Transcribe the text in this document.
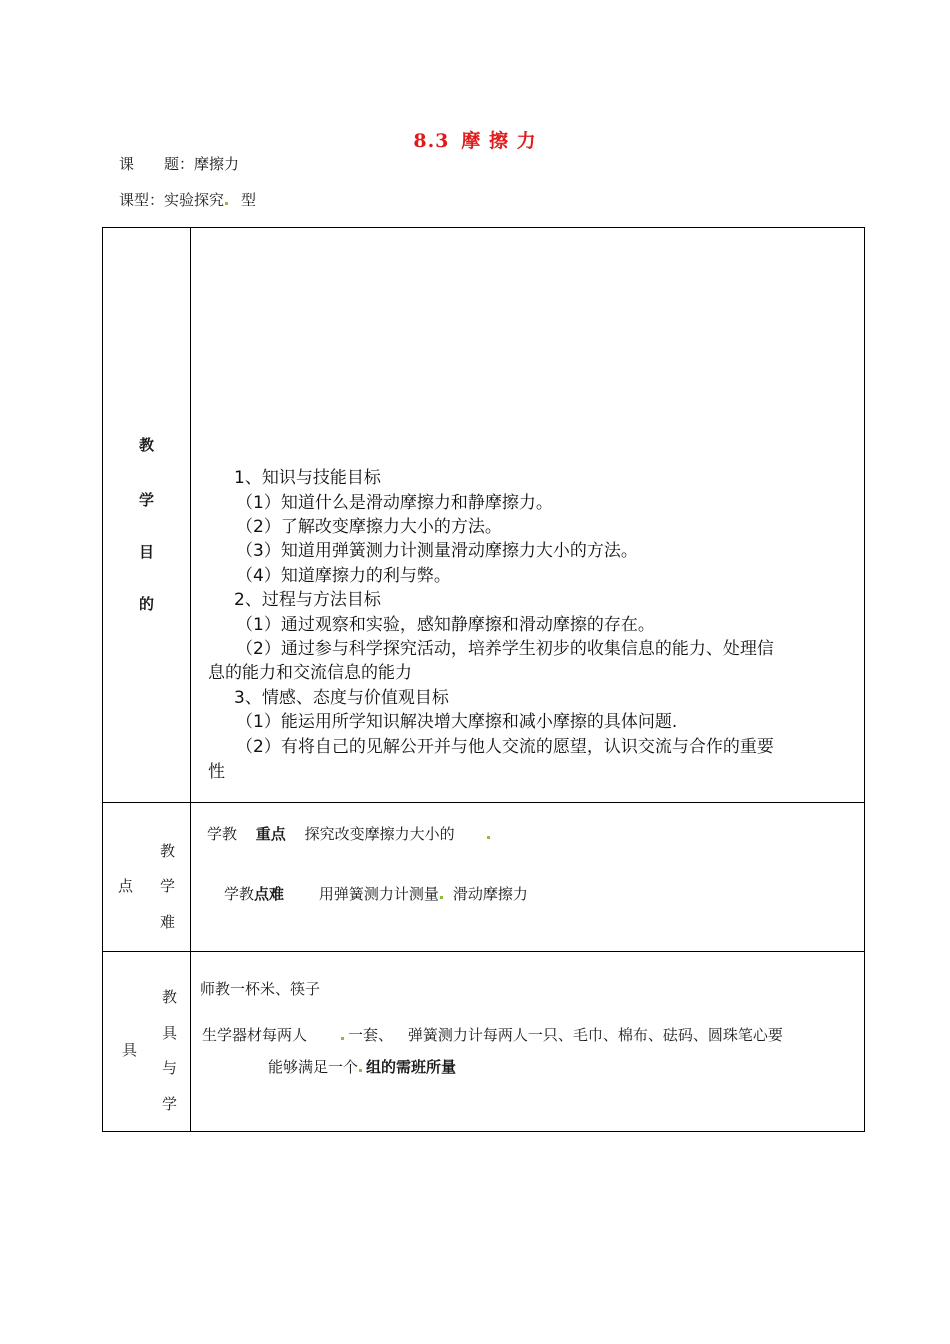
8.3 摩 擦 力
课　　题：摩擦力
课型：实验探究 型
教
学
目
的
1、知识与技能目标
（1）知道什么是滑动摩擦力和静摩擦力。
（2）了解改变摩擦力大小的方法。
（3）知道用弹簧测力计测量滑动摩擦力大小的方法。
（4）知道摩擦力的利与弊。
2、过程与方法目标
（1）通过观察和实验，感知静摩擦和滑动摩擦的存在。
（2）通过参与科学探究活动，培养学生初步的收集信息的能力、处理信
息的能力和交流信息的能力
3、情感、态度与价值观目标
（1）能运用所学知识解决增大摩擦和减小摩擦的具体问题.
（2）有将自己的见解公开并与他人交流的愿望，认识交流与合作的重要
性
点
教
学
难
学教 重点 探究改变摩擦力大小的
学教点难 用弹簧测力计测量 滑动摩擦力
具
教
具
与
学
师教一杯米、筷子
生学器材每两人	一套、 弹簧测力计每两人一只、毛巾、棉布、砝码、圆珠笔心要
能够满足一个 组的需班所量
